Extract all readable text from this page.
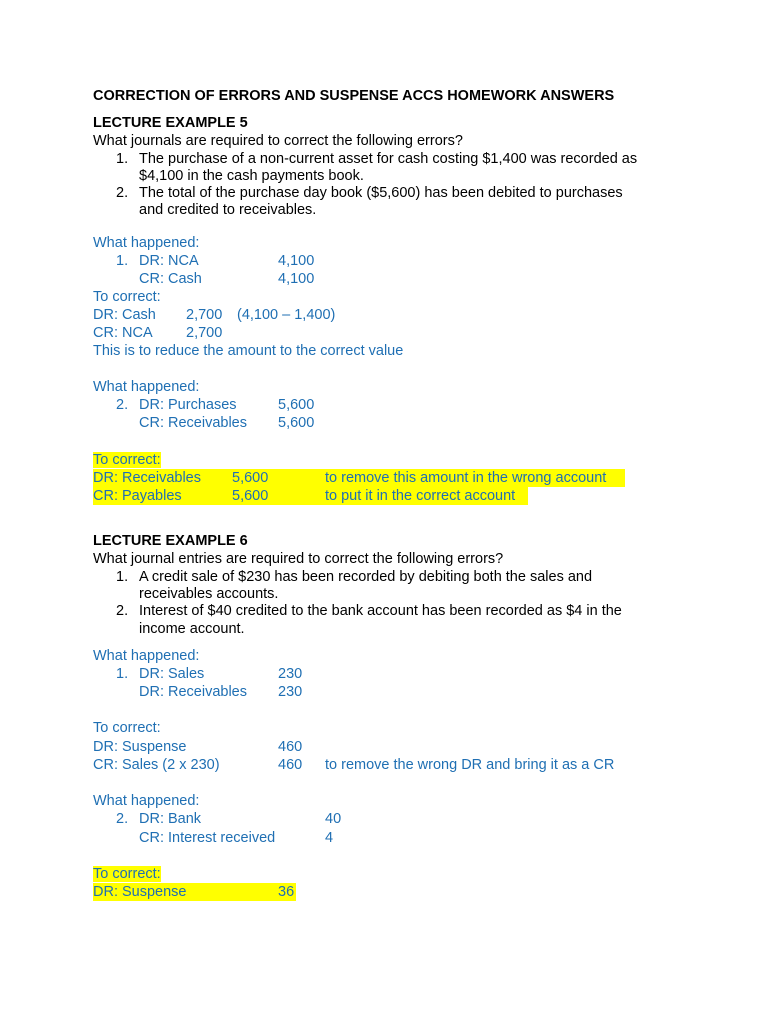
CORRECTION OF ERRORS AND SUSPENSE ACCS HOMEWORK ANSWERS
LECTURE EXAMPLE 5
What journals are required to correct the following errors?
1. The purchase of a non-current asset for cash costing $1,400 was recorded as
$4,100 in the cash payments book.
2. The total of the purchase day book ($5,600) has been debited to purchases
and credited to receivables.
What happened:
1. DR: NCA	4,100
CR: Cash	4,100
To correct:
DR: Cash 2,700 (4,100 – 1,400)
CR: NCA 2,700
This is to reduce the amount to the correct value
What happened:
2. DR: Purchases	5,600
CR: Receivables 5,600
To correct:
DR: Receivables 5,600	to remove this amount in the wrong account
CR: Payables	5,600	to put it in the correct account
LECTURE EXAMPLE 6
What journal entries are required to correct the following errors?
1. A credit sale of $230 has been recorded by debiting both the sales and
receivables accounts.
2. Interest of $40 credited to the bank account has been recorded as $4 in the
income account.
What happened:
1. DR: Sales	230
DR: Receivables 230
To correct:
DR: Suspense	460
CR: Sales (2 x 230)	460 to remove the wrong DR and bring it as a CR
What happened:
2. DR: Bank	40
CR: Interest received	4
To correct:
DR: Suspense	36
